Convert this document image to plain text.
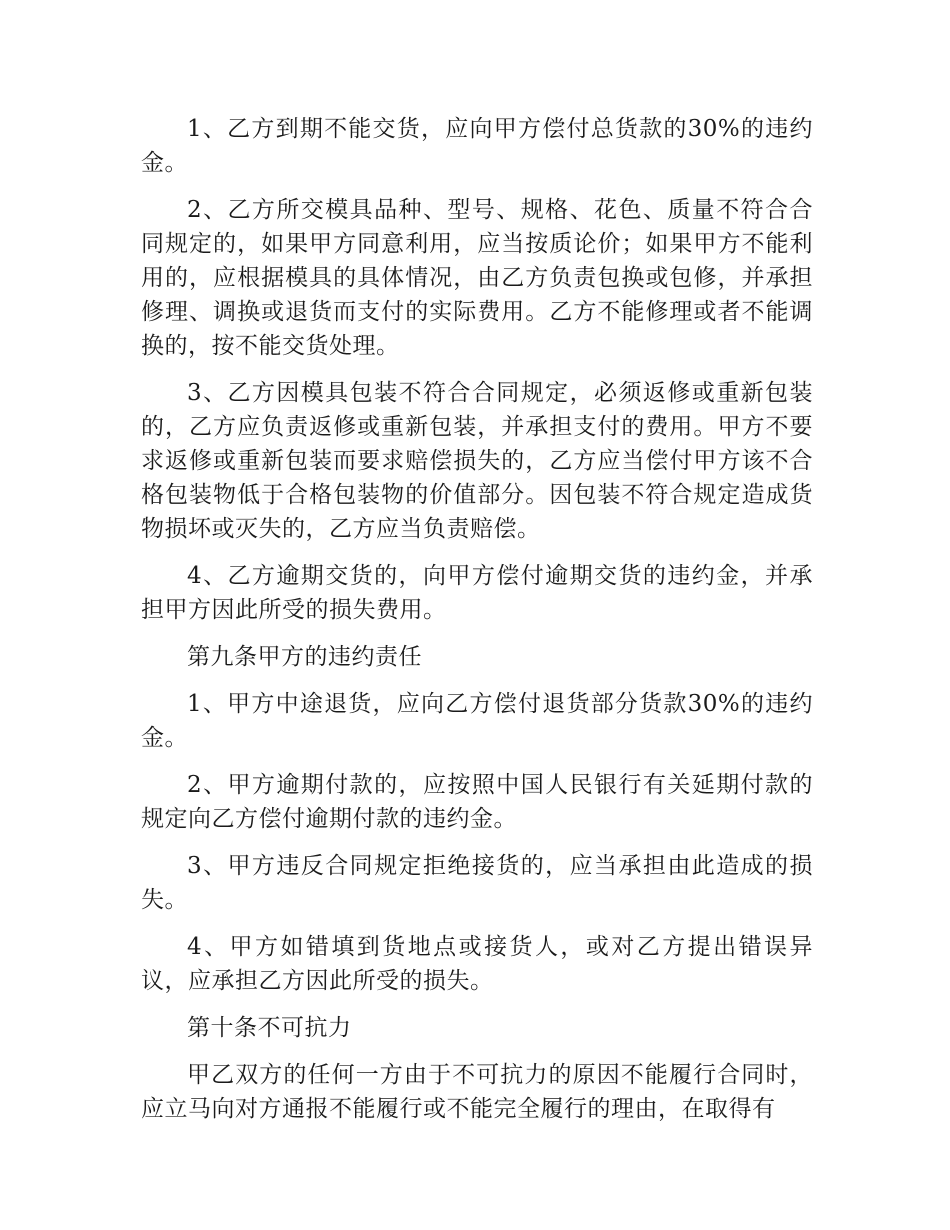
1、乙方到期不能交货，应向甲方偿付总货款的30%的违约金。

2、乙方所交模具品种、型号、规格、花色、质量不符合合同规定的，如果甲方同意利用，应当按质论价；如果甲方不能利用的，应根据模具的具体情况，由乙方负责包换或包修，并承担修理、调换或退货而支付的实际费用。乙方不能修理或者不能调换的，按不能交货处理。

3、乙方因模具包装不符合合同规定，必须返修或重新包装的，乙方应负责返修或重新包装，并承担支付的费用。甲方不要求返修或重新包装而要求赔偿损失的，乙方应当偿付甲方该不合格包装物低于合格包装物的价值部分。因包装不符合规定造成货物损坏或灭失的，乙方应当负责赔偿。

4、乙方逾期交货的，向甲方偿付逾期交货的违约金，并承担甲方因此所受的损失费用。

第九条甲方的违约责任

1、甲方中途退货，应向乙方偿付退货部分货款30%的违约金。

2、甲方逾期付款的，应按照中国人民银行有关延期付款的规定向乙方偿付逾期付款的违约金。

3、甲方违反合同规定拒绝接货的，应当承担由此造成的损失。

4、甲方如错填到货地点或接货人，或对乙方提出错误异议，应承担乙方因此所受的损失。

第十条不可抗力

甲乙双方的任何一方由于不可抗力的原因不能履行合同时，应立马向对方通报不能履行或不能完全履行的理由，在取得有
